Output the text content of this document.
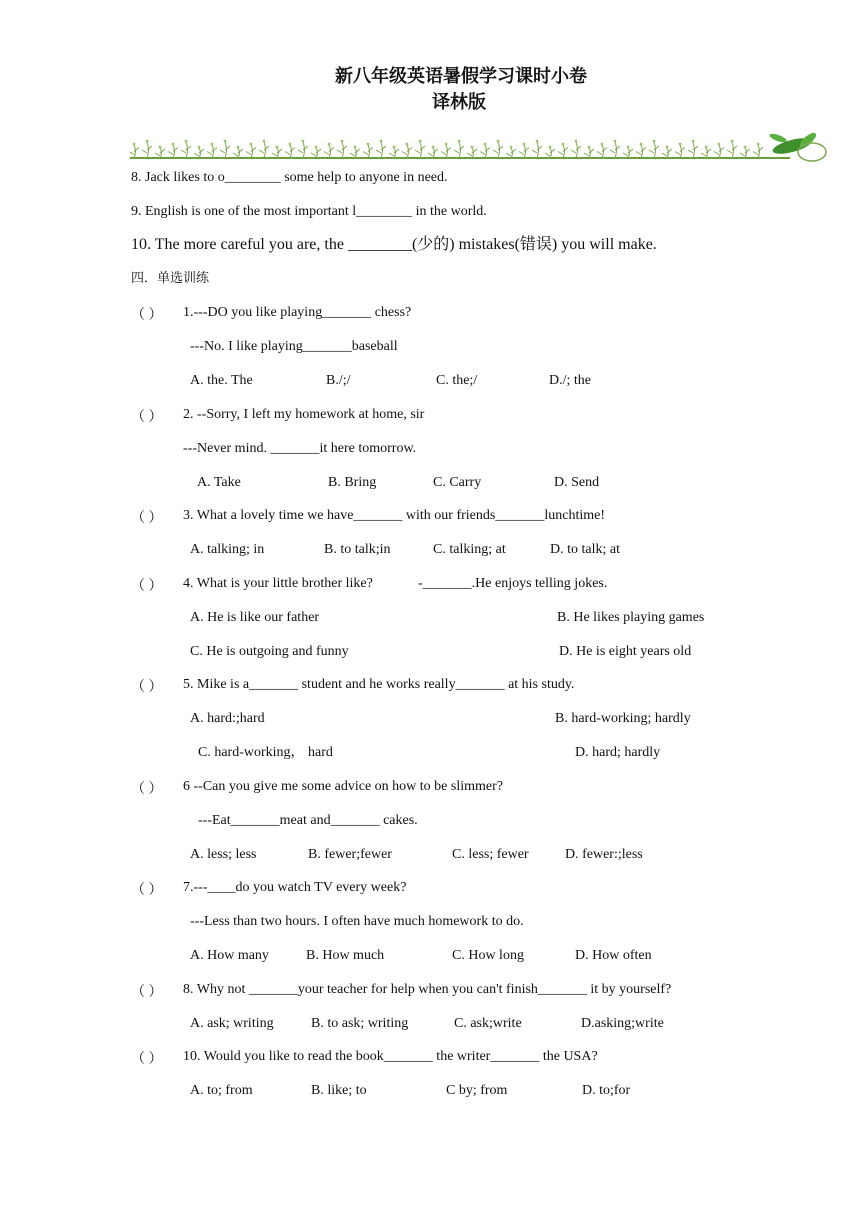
新八年级英语暑假学习课时小卷
译林版
8. Jack likes to o________ some help to anyone in need.
9. English is one of the most important l________ in the world.
10. The more careful you are, the ________(少的) mistakes(错误) you will make.
四．单选训练
（ ） 1.---DO you like playing_______ chess?
---No. I like playing_______baseball
A. the. The	B./;/	C. the;/	D./; the
（ ） 2. --Sorry, I left my homework at home, sir
---Never mind. _______it here tomorrow.
A. Take	B. Bring	C. Carry	D. Send
（ ） 3. What a lovely time we have_______ with our friends_______lunchtime!
A. talking; in	B. to talk;in	C. talking; at	D. to talk; at
（ ） 4. What is your little brother like?	-_______.He enjoys telling jokes.
A. He is like our father	B. He likes playing games
C. He is outgoing and funny	D. He is eight years old
（ ） 5. Mike is a_______ student and he works really_______ at his study.
A. hard:;hard	B. hard-working; hardly
C. hard-working， hard	D. hard; hardly
（ ） 6 --Can you give me some advice on how to be slimmer?
---Eat_______meat and_______ cakes.
A. less; less	B. fewer;fewer	C. less; fewer	D. fewer:;less
（ ） 7.---____do you watch TV every week?
---Less than two hours. I often have much homework to do.
A. How many	B. How much	C. How long	D. How often
（ ） 8. Why not _______your teacher for help when you can't finish_______ it by yourself?
A. ask; writing	B. to ask; writing	C. ask;write	D.asking;write
（ ） 10. Would you like to read the book_______ the writer_______ the USA?
A. to; from	B. like; to	C by; from	D. to;for
